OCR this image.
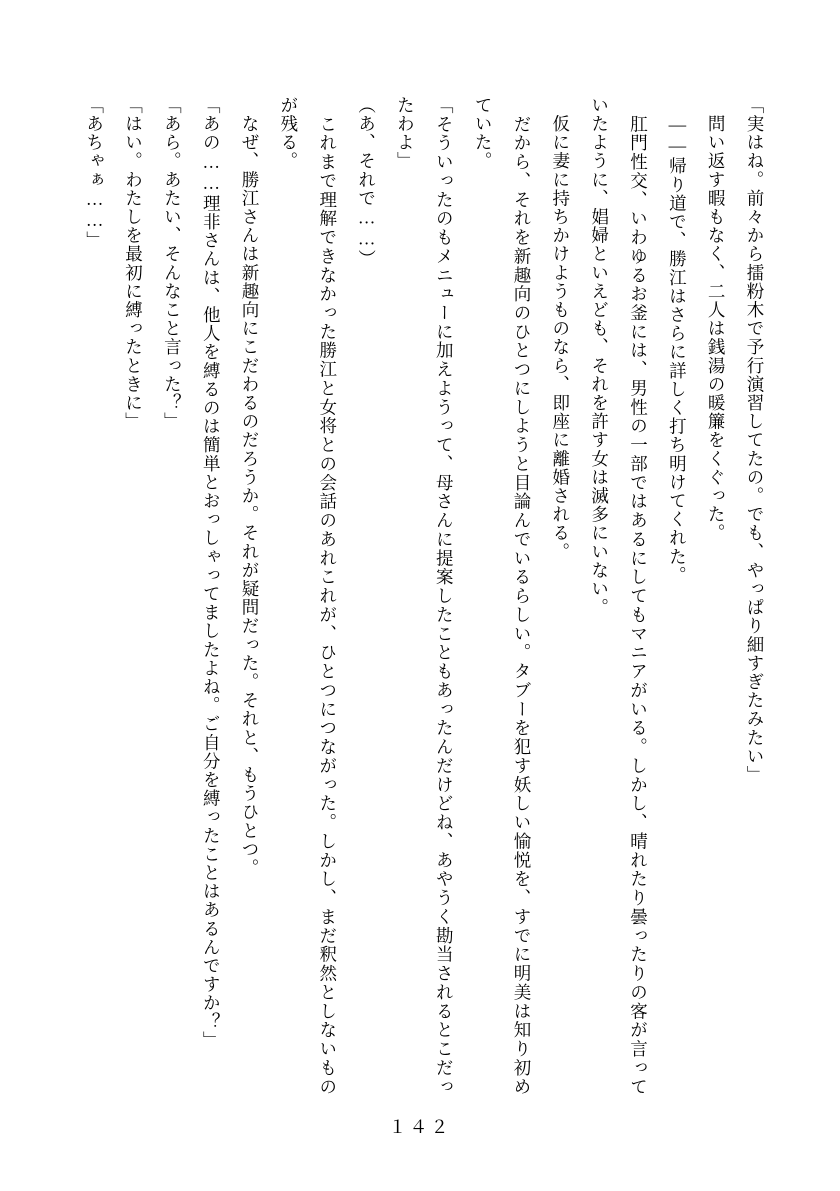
「実はね。前々から擂粉木で予行演習してたの。でも、やっぱり細すぎたみたい」

　問い返す暇もなく、二人は銭湯の暖簾をくぐった。

　――帰り道で、勝江はさらに詳しく打ち明けてくれた。

　肛門性交、いわゆるお釜には、男性の一部ではあるにしてもマニアがいる。しかし、晴れたり曇ったりの客が言っていたように、娼婦といえども、それを許す女は滅多にいない。

　仮に妻に持ちかけようものなら、即座に離婚される。

　だから、それを新趣向のひとつにしようと目論んでいるらしい。タブーを犯す妖しい愉悦を、すでに明美は知り初めていた。

「そういったのもメニューに加えようって、母さんに提案したこともあったんだけどね、あやうく勘当されるとこだったわよ」

（あ、それで……）

　これまで理解できなかった勝江と女将との会話のあれこれが、ひとつにつながった。しかし、まだ釈然としないものが残る。

　なぜ、勝江さんは新趣向にこだわるのだろうか。それが疑問だった。それと、もうひとつ。

「あの……理非さんは、他人を縛るのは簡単とおっしゃってましたよね。ご自分を縛ったことはあるんですか？」

「あら。あたい、そんなこと言った？」

「はい。わたしを最初に縛ったときに」

「あちゃぁ……」

１４２
